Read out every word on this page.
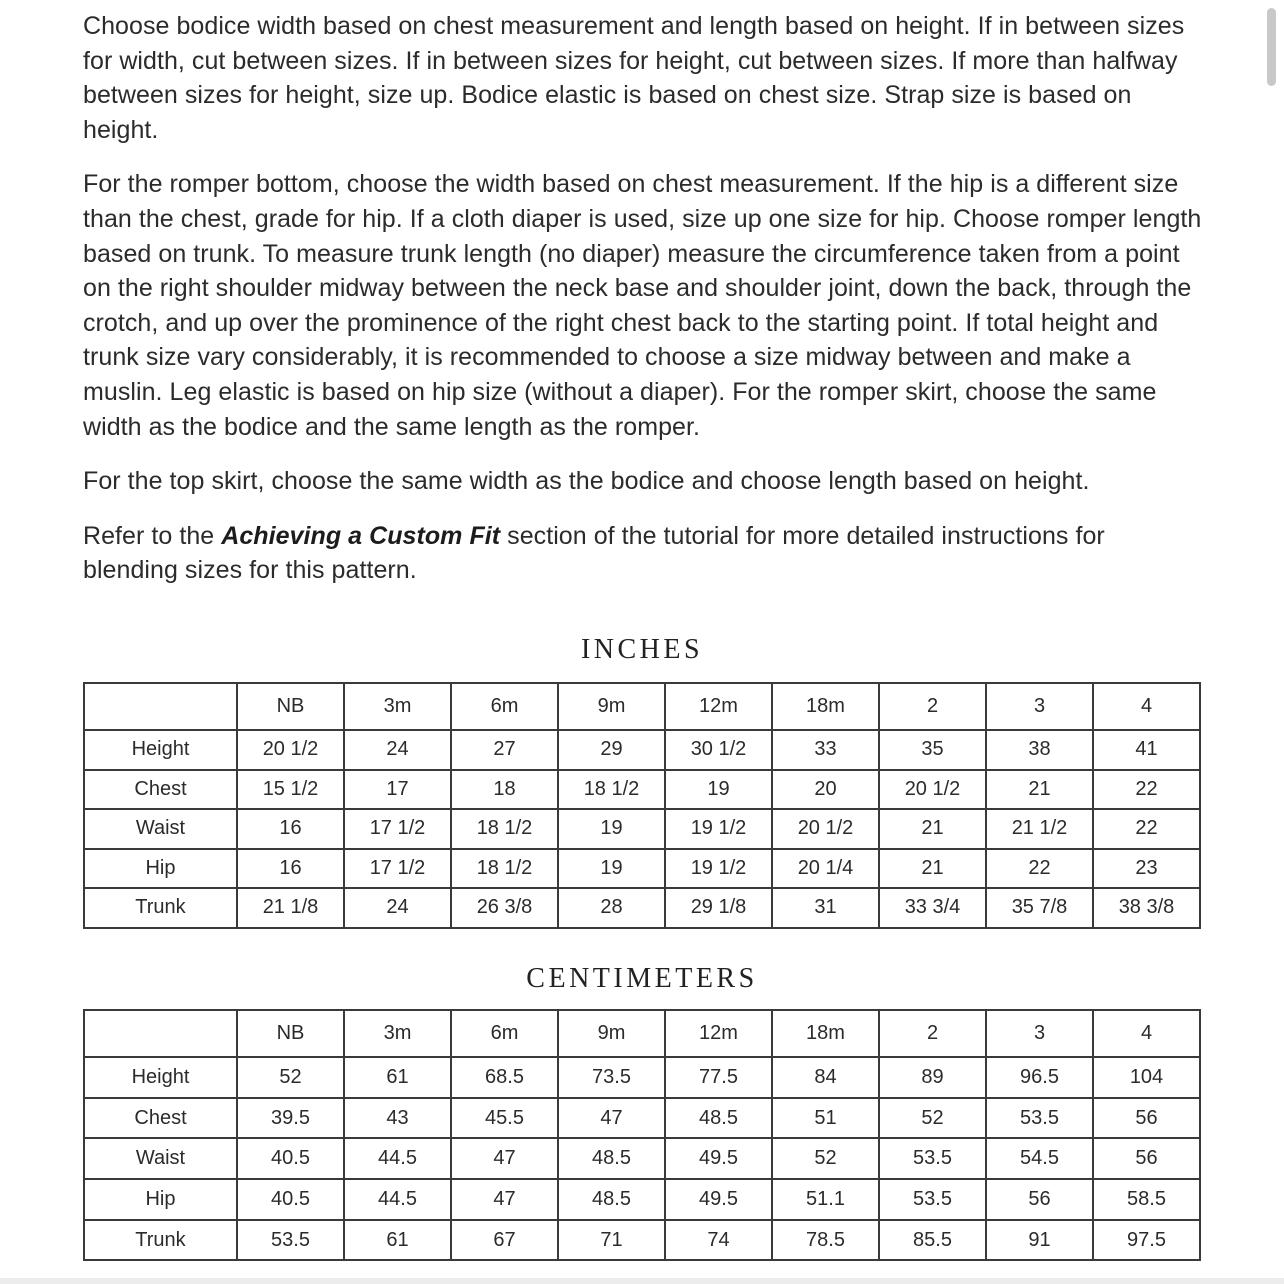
Choose bodice width based on chest measurement and length based on height. If in between sizes for width, cut between sizes. If in between sizes for height, cut between sizes. If more than halfway between sizes for height, size up. Bodice elastic is based on chest size. Strap size is based on height.

For the romper bottom, choose the width based on chest measurement. If the hip is a different size than the chest, grade for hip. If a cloth diaper is used, size up one size for hip. Choose romper length based on trunk. To measure trunk length (no diaper) measure the circumference taken from a point on the right shoulder midway between the neck base and shoulder joint, down the back, through the crotch, and up over the prominence of the right chest back to the starting point. If total height and trunk size vary considerably, it is recommended to choose a size midway between and make a muslin. Leg elastic is based on hip size (without a diaper). For the romper skirt, choose the same width as the bodice and the same length as the romper.

For the top skirt, choose the same width as the bodice and choose length based on height.

Refer to the Achieving a Custom Fit section of the tutorial for more detailed instructions for blending sizes for this pattern.

INCHES
	NB	3m	6m	9m	12m	18m	2	3	4
Height	20 1/2	24	27	29	30 1/2	33	35	38	41
Chest	15 1/2	17	18	18 1/2	19	20	20 1/2	21	22
Waist	16	17 1/2	18 1/2	19	19 1/2	20 1/2	21	21 1/2	22
Hip	16	17 1/2	18 1/2	19	19 1/2	20 1/4	21	22	23
Trunk	21 1/8	24	26 3/8	28	29 1/8	31	33 3/4	35 7/8	38 3/8
CENTIMETERS
	NB	3m	6m	9m	12m	18m	2	3	4
Height	52	61	68.5	73.5	77.5	84	89	96.5	104
Chest	39.5	43	45.5	47	48.5	51	52	53.5	56
Waist	40.5	44.5	47	48.5	49.5	52	53.5	54.5	56
Hip	40.5	44.5	47	48.5	49.5	51.1	53.5	56	58.5
Trunk	53.5	61	67	71	74	78.5	85.5	91	97.5
